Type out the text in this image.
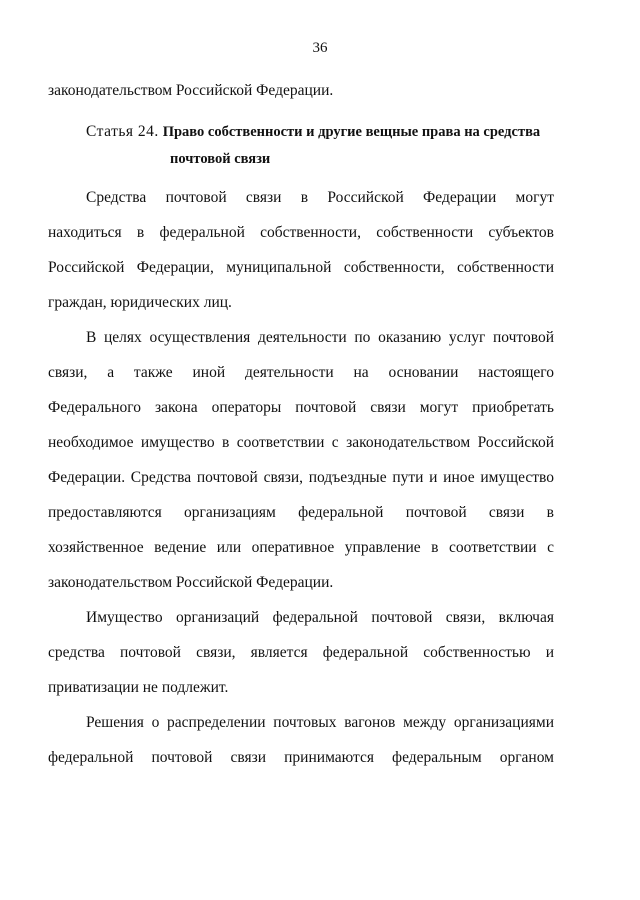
36
законодательством Российской Федерации.
Статья 24. Право собственности и другие вещные права на средства
почтовой связи
Средства почтовой связи в Российской Федерации могут
находиться в федеральной собственности, собственности субъектов
Российской Федерации, муниципальной собственности, собственности
граждан, юридических лиц.
В целях осуществления деятельности по оказанию услуг почтовой
связи, а также иной деятельности на основании настоящего
Федерального закона операторы почтовой связи могут приобретать
необходимое имущество в соответствии с законодательством Российской
Федерации. Средства почтовой связи, подъездные пути и иное имущество
предоставляются организациям федеральной почтовой связи в
хозяйственное ведение или оперативное управление в соответствии с
законодательством Российской Федерации.
Имущество организаций федеральной почтовой связи, включая
средства почтовой связи, является федеральной собственностью и
приватизации не подлежит.
Решения о распределении почтовых вагонов между организациями
федеральной почтовой связи принимаются федеральным органом
